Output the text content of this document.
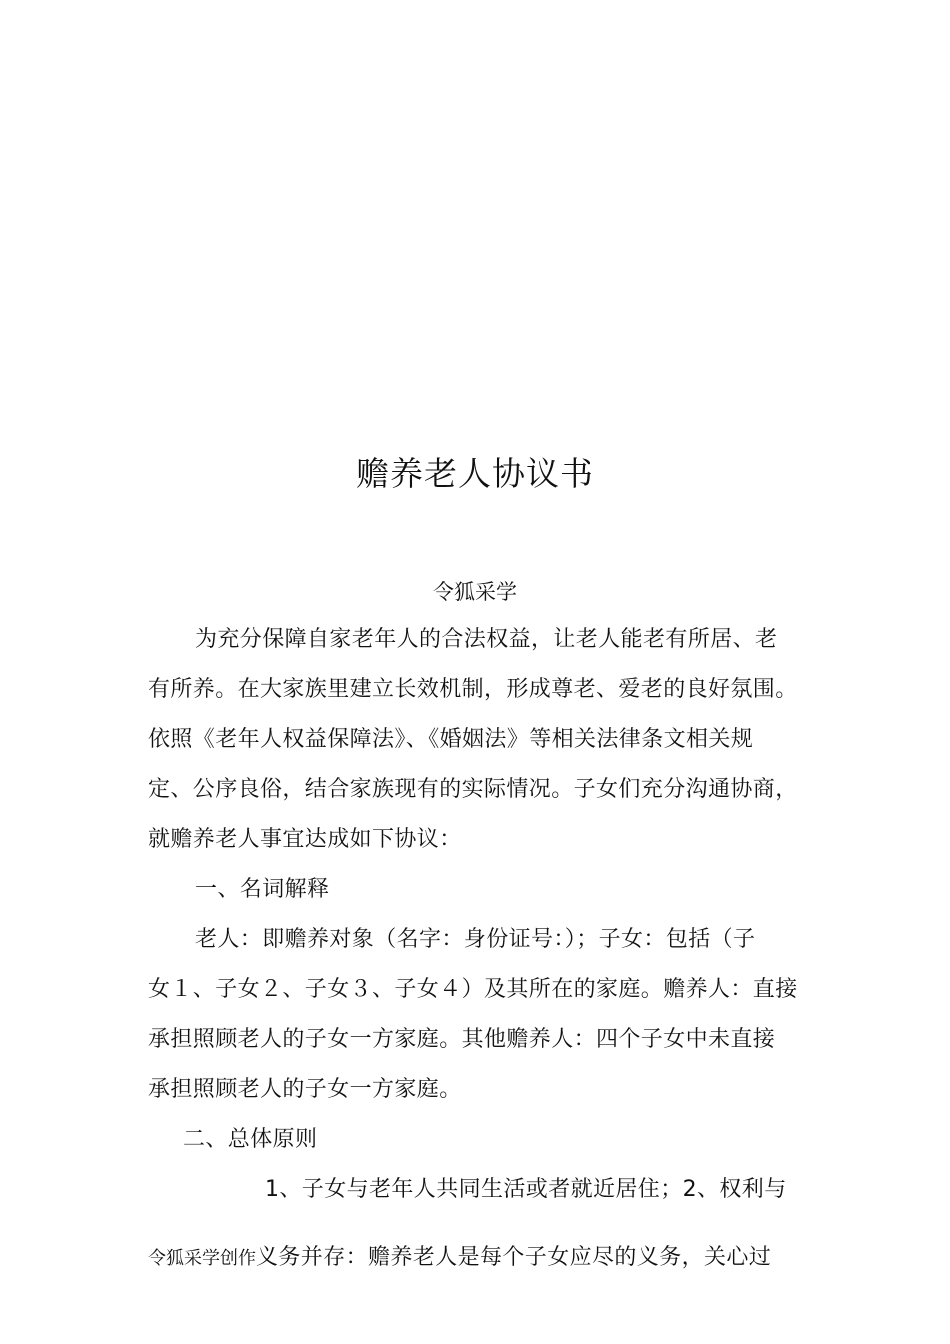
赡养老人协议书
令狐采学
为充分保障自家老年人的合法权益，让老人能老有所居、老
有所养。在大家族里建立长效机制，形成尊老、爱老的良好氛围。
依照《老年人权益保障法》、《婚姻法》等相关法律条文相关规
定、公序良俗，结合家族现有的实际情况。子女们充分沟通协商，
就赡养老人事宜达成如下协议：
一、名词解释
老人：即赡养对象（名字：身份证号：）；子女：包括（子
女１、子女２、子女３、子女４）及其所在的家庭。赡养人：直接
承担照顾老人的子女一方家庭。其他赡养人：四个子女中未直接
承担照顾老人的子女一方家庭。
二、总体原则
1、子女与老年人共同生活或者就近居住；2、权利与
令狐采学创作义务并存：赡养老人是每个子女应尽的义务，关心过
